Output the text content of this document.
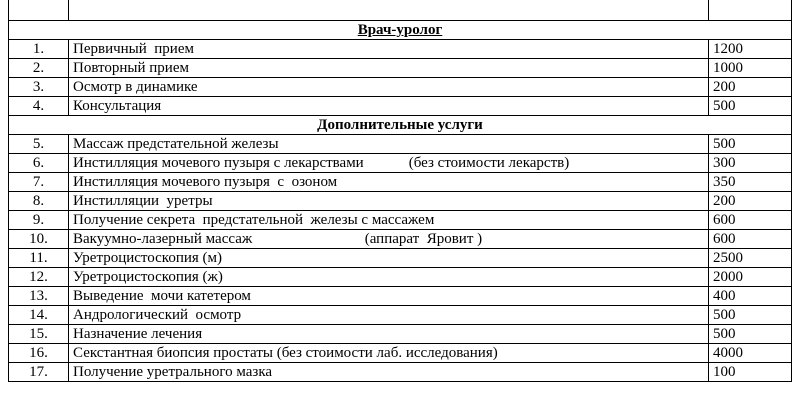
Врач-уролог		
1.	Первичный  прием	1200
2.	Повторный прием	1000
3.	Осмотр в динамике	200
4.	Консультация	500
Дополнительные услуги		
5.	Массаж предстательной железы	500
6.	Инстилляция мочевого пузыря с лекарствами            (без стоимости лекарств)	300
7.	Инстилляция мочевого пузыря  с  озоном	350
8.	Инстилляции  уретры	200
9.	Получение секрета  предстательной  железы с массажем	600
10.	Вакуумно-лазерный массаж                              (аппарат  Яровит )	600
11.	Уретроцистоскопия (м)	2500
12.	Уретроцистоскопия (ж)	2000
13.	Выведение  мочи катетером	400
14.	Андрологический  осмотр	500
15.	Назначение лечения	500
16.	Секстантная биопсия простаты (без стоимости лаб. исследования)	4000
17.	Получение уретрального мазка	100
